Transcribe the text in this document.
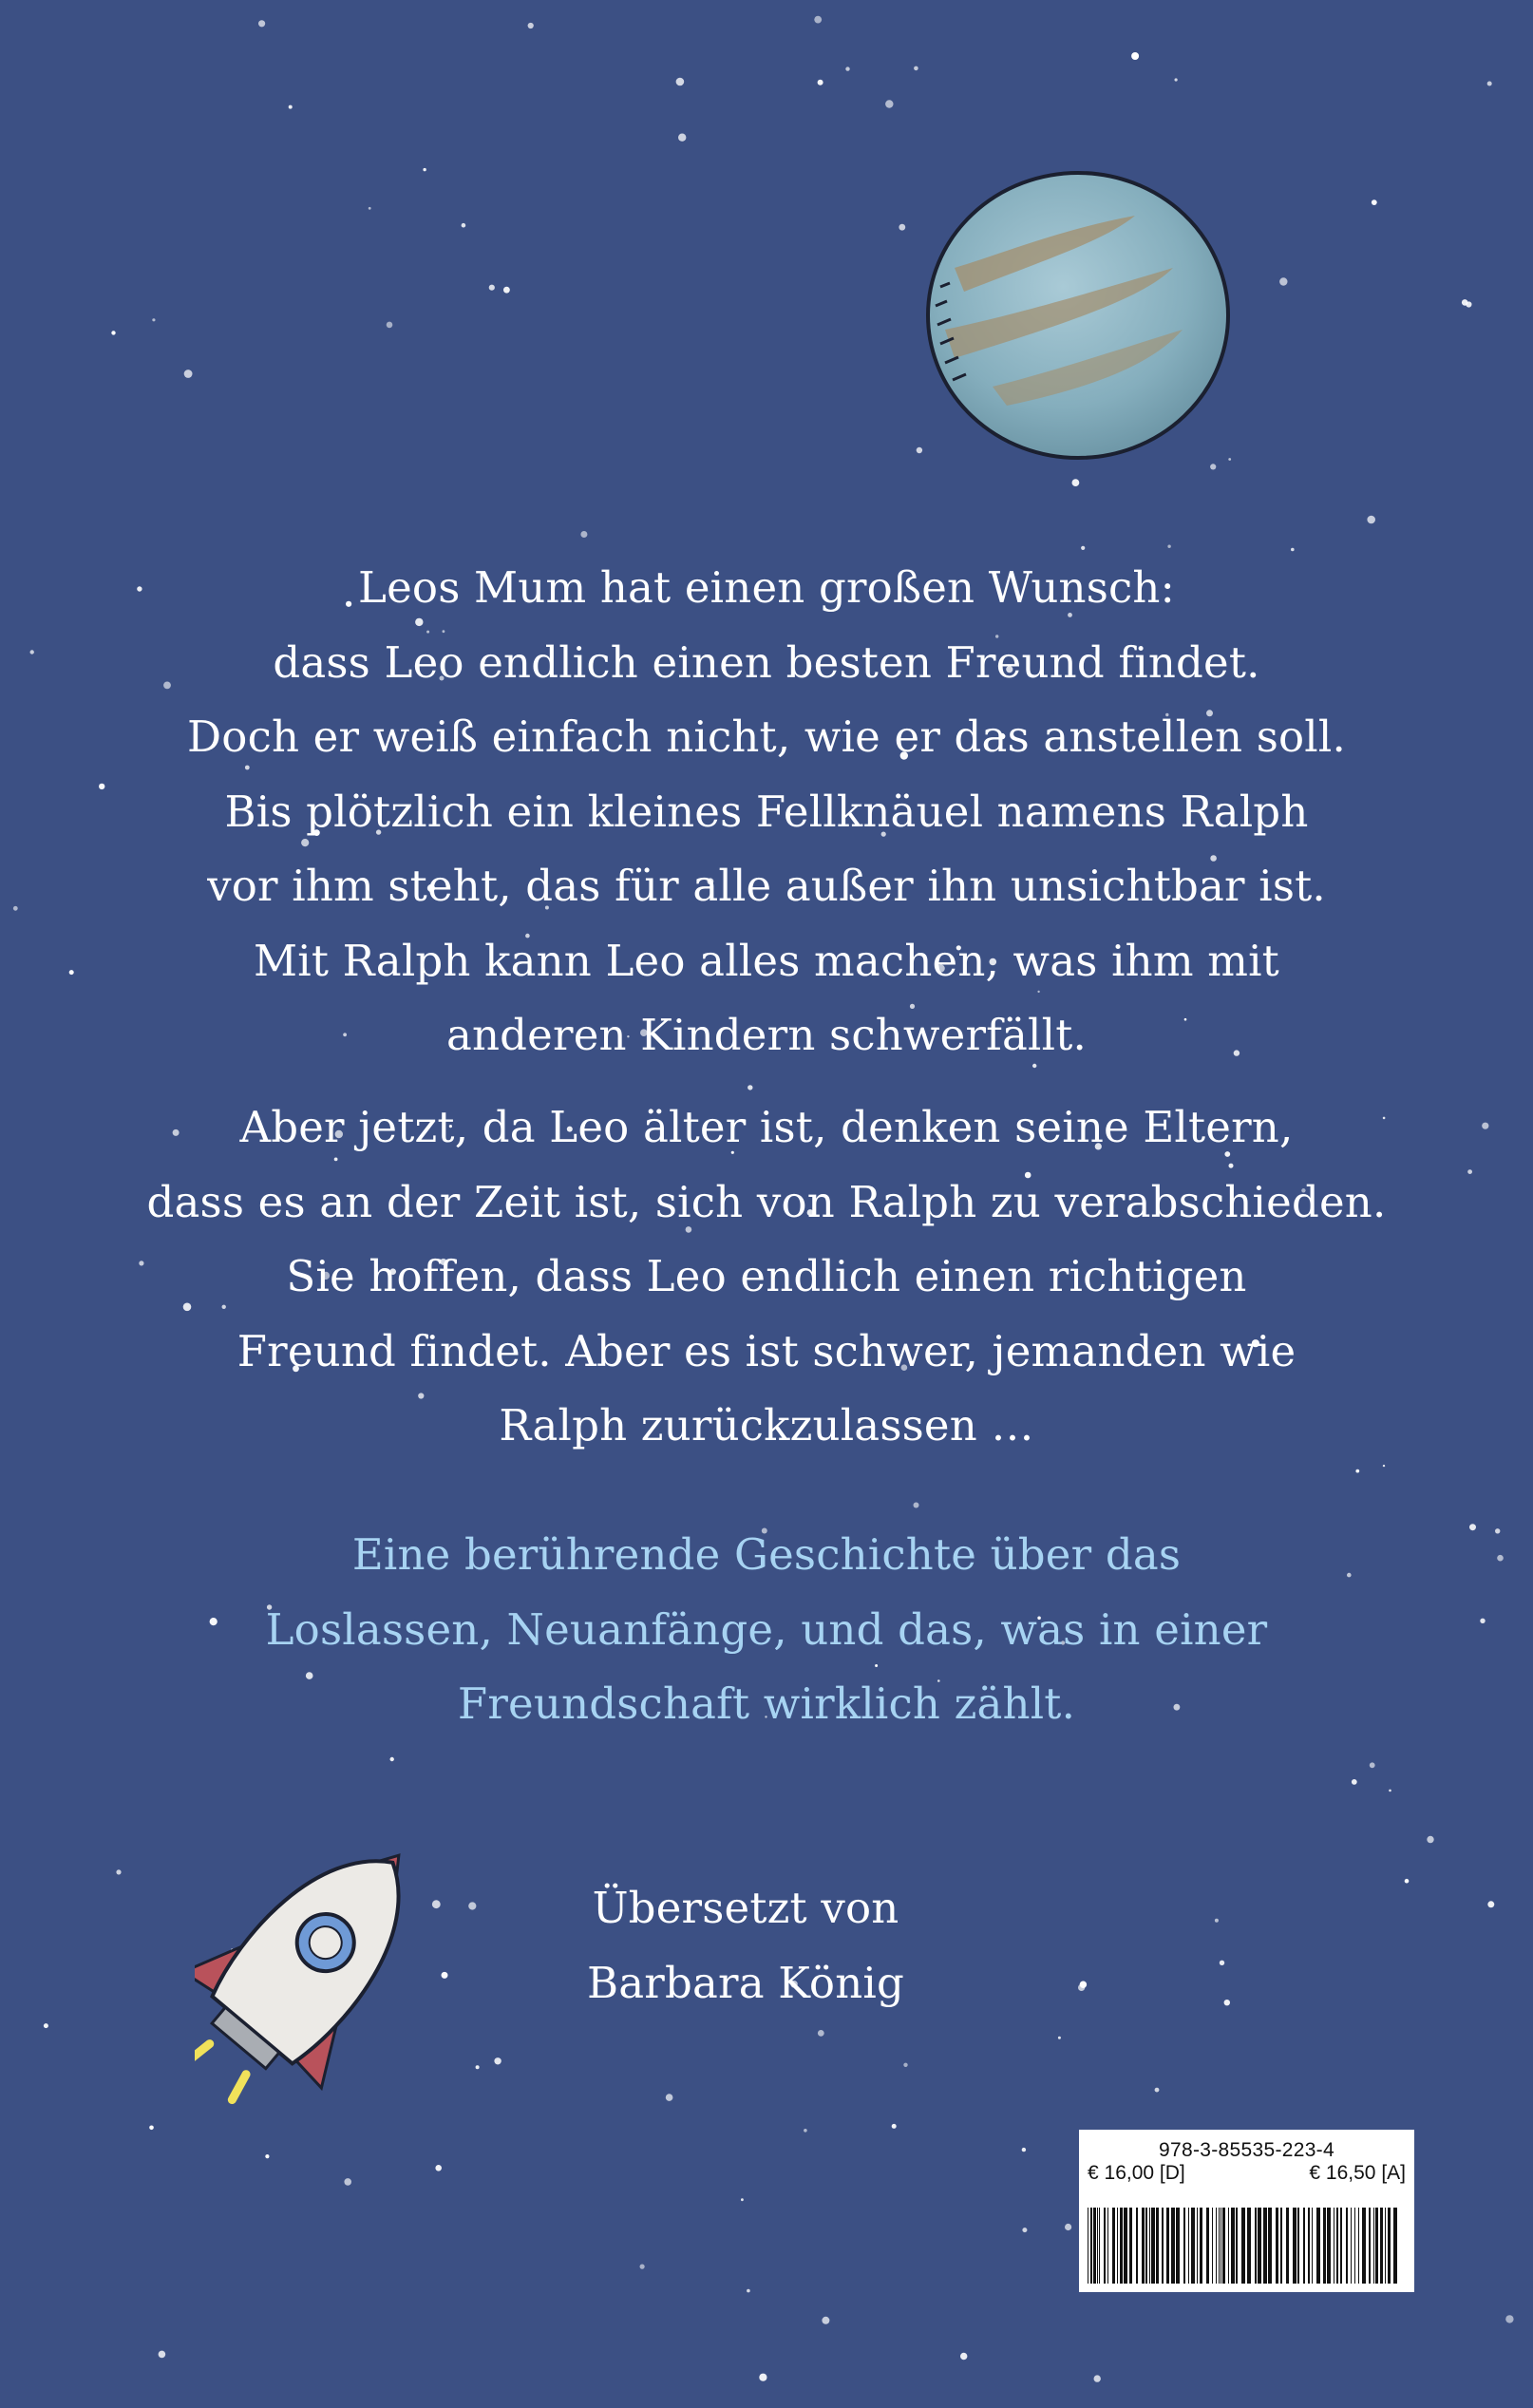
Leos Mum hat einen großen Wunsch:
dass Leo endlich einen besten Freund findet.
Doch er weiß einfach nicht, wie er das anstellen soll.
Bis plötzlich ein kleines Fellknäuel namens Ralph
vor ihm steht, das für alle außer ihn unsichtbar ist.
Mit Ralph kann Leo alles machen, was ihm mit
anderen Kindern schwerfällt.
Aber jetzt, da Leo älter ist, denken seine Eltern,
dass es an der Zeit ist, sich von Ralph zu verabschieden.
Sie hoffen, dass Leo endlich einen richtigen
Freund findet. Aber es ist schwer, jemanden wie
Ralph zurückzulassen …
Eine berührende Geschichte über das
Loslassen, Neuanfänge, und das, was in einer
Freundschaft wirklich zählt.
Übersetzt von
Barbara König
978-3-85535-223-4
€ 16,00 [D]	€ 16,50 [A]
